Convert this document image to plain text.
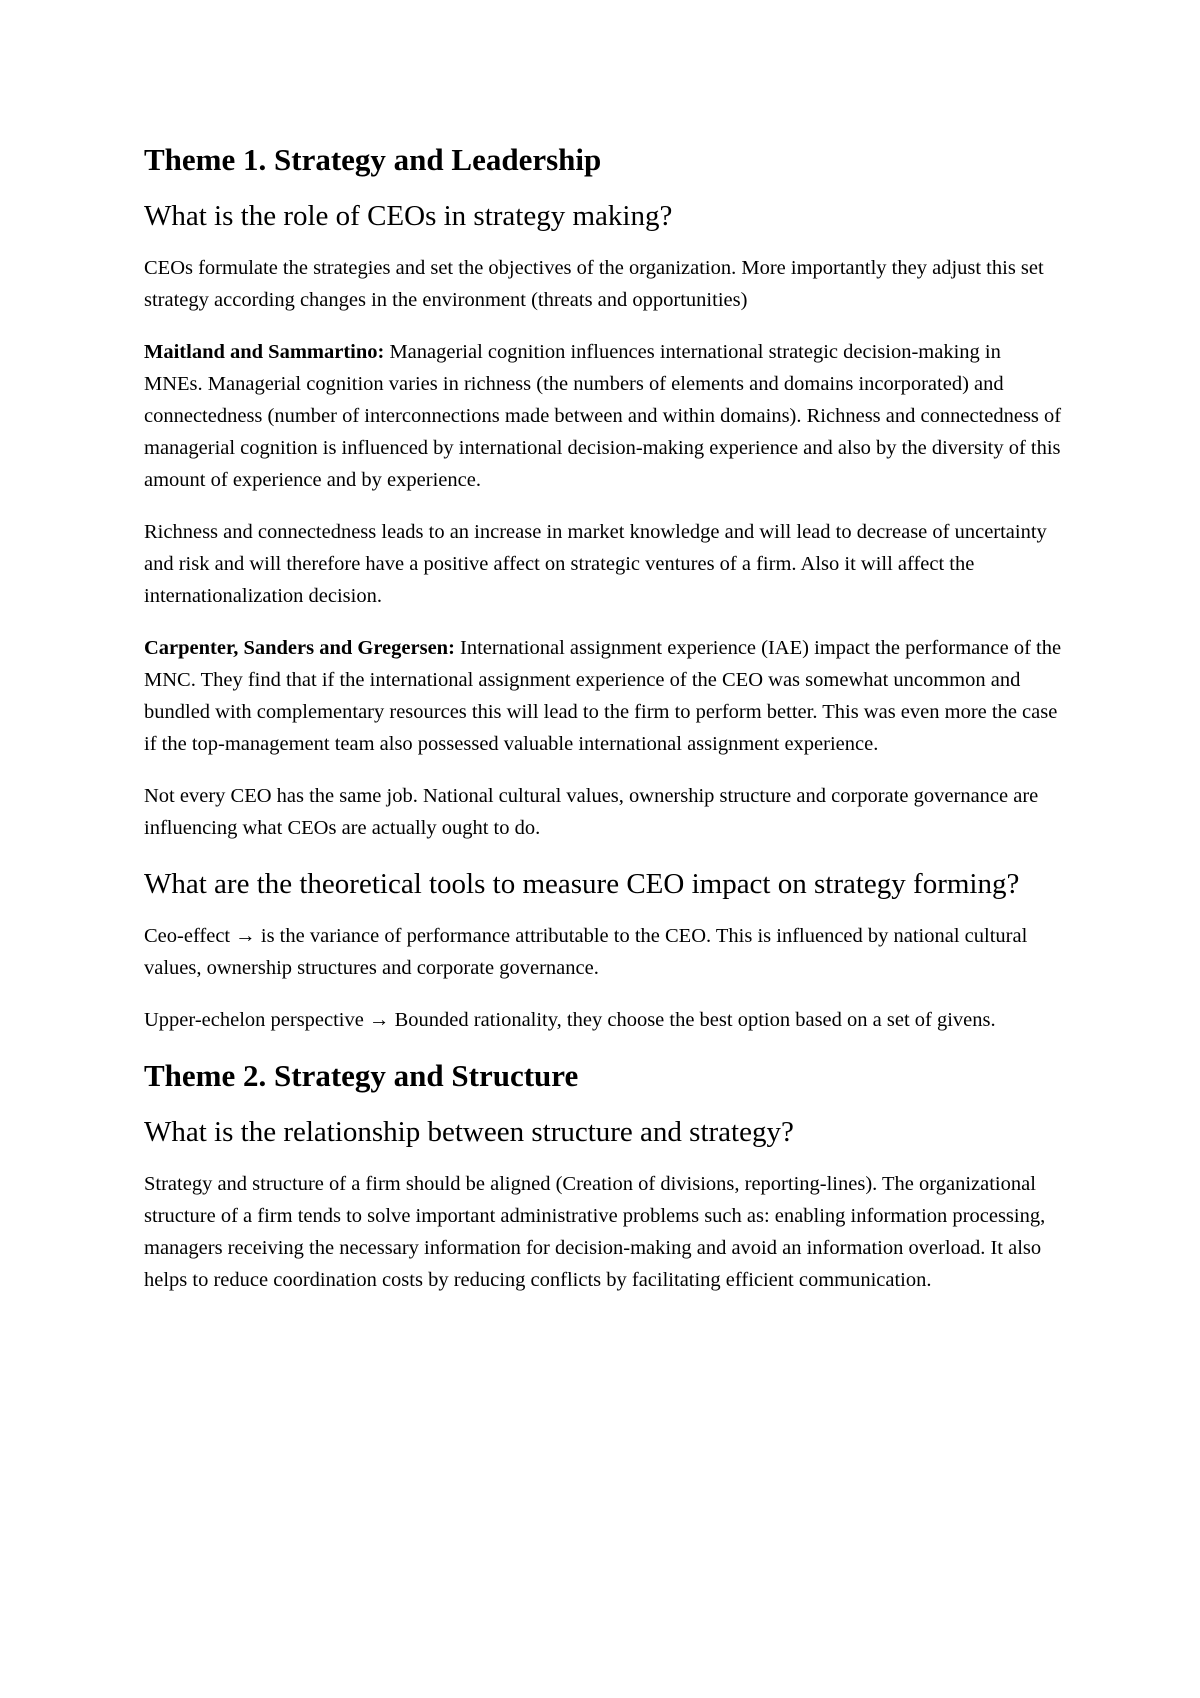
Theme 1. Strategy and Leadership
What is the role of CEOs in strategy making?

CEOs formulate the strategies and set the objectives of the organization. More importantly they adjust this set strategy according changes in the environment (threats and opportunities)

Maitland and Sammartino: Managerial cognition influences international strategic decision-making in MNEs. Managerial cognition varies in richness (the numbers of elements and domains incorporated) and connectedness (number of interconnections made between and within domains). Richness and connectedness of managerial cognition is influenced by international decision-making experience and also by the diversity of this amount of experience and by experience.

Richness and connectedness leads to an increase in market knowledge and will lead to decrease of uncertainty and risk and will therefore have a positive affect on strategic ventures of a firm. Also it will affect the internationalization decision.

Carpenter, Sanders and Gregersen: International assignment experience (IAE) impact the performance of the MNC. They find that if the international assignment experience of the CEO was somewhat uncommon and bundled with complementary resources this will lead to the firm to perform better. This was even more the case if the top-management team also possessed valuable international assignment experience.

Not every CEO has the same job. National cultural values, ownership structure and corporate governance are influencing what CEOs are actually ought to do.

What are the theoretical tools to measure CEO impact on strategy forming?

Ceo-effect → is the variance of performance attributable to the CEO. This is influenced by national cultural values, ownership structures and corporate governance.

Upper-echelon perspective → Bounded rationality, they choose the best option based on a set of givens.

Theme 2. Strategy and Structure
What is the relationship between structure and strategy?

Strategy and structure of a firm should be aligned (Creation of divisions, reporting-lines). The organizational structure of a firm tends to solve important administrative problems such as: enabling information processing, managers receiving the necessary information for decision-making and avoid an information overload. It also helps to reduce coordination costs by reducing conflicts by facilitating efficient communication.
